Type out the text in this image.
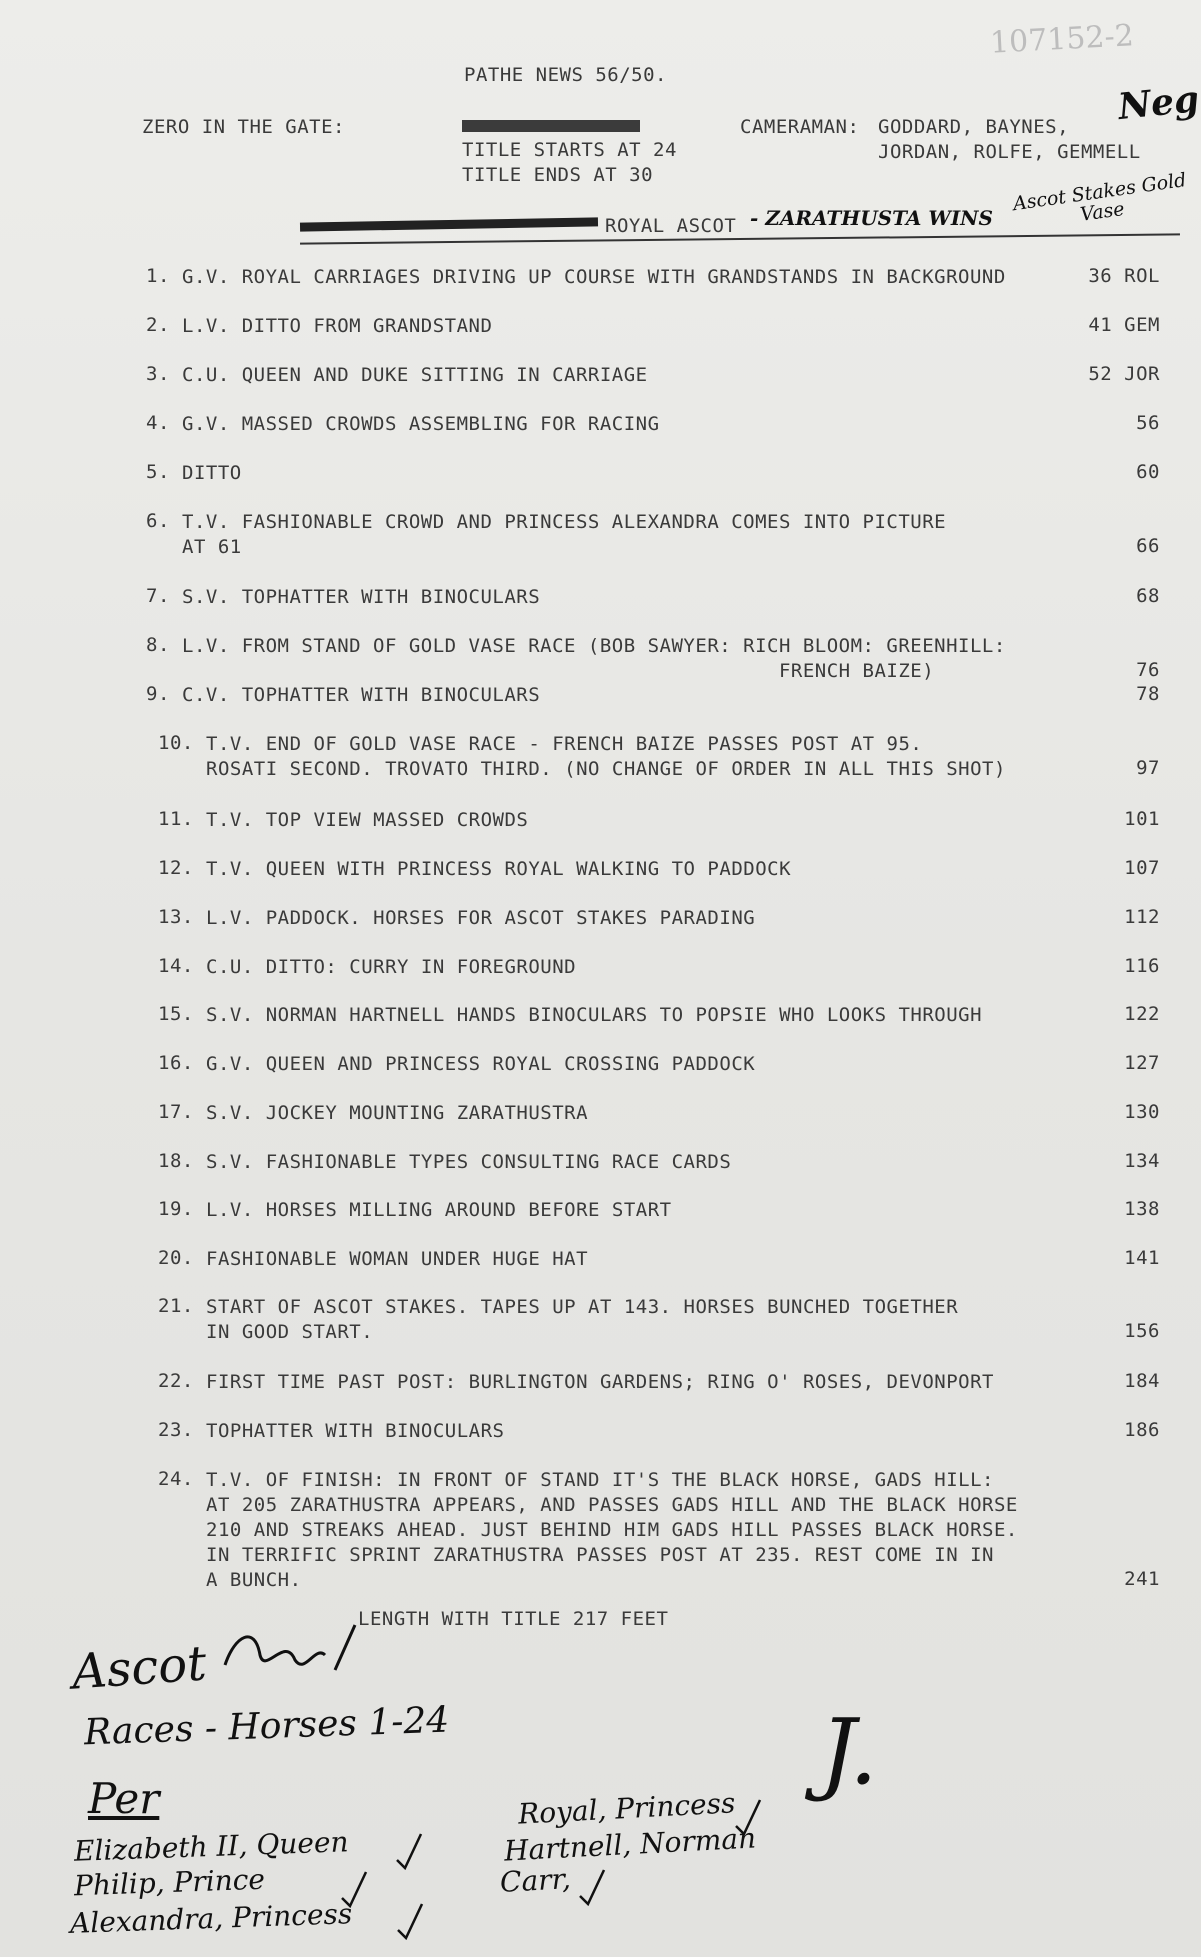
107152-2
Neg
PATHE NEWS 56/50.
ZERO IN THE GATE:
TITLE STARTS AT 24
TITLE ENDS AT 30
CAMERAMAN: GODDARD, BAYNES,
JORDAN, ROLFE, GEMMELL
ROYAL ASCOT - ZARATHUSTA WINS
Ascot Stakes Gold Vase
1. G.V. ROYAL CARRIAGES DRIVING UP COURSE WITH GRANDSTANDS IN BACKGROUND	36 ROL
2. L.V. DITTO FROM GRANDSTAND	41 GEM
3. C.U. QUEEN AND DUKE SITTING IN CARRIAGE	52 JOR
4. G.V. MASSED CROWDS ASSEMBLING FOR RACING	56
5. DITTO	60
6. T.V. FASHIONABLE CROWD AND PRINCESS ALEXANDRA COMES INTO PICTURE
AT 61	66
7. S.V. TOPHATTER WITH BINOCULARS	68
8. L.V. FROM STAND OF GOLD VASE RACE (BOB SAWYER: RICH BLOOM: GREENHILL:
FRENCH BAIZE)	76
9. C.V. TOPHATTER WITH BINOCULARS	78
10. T.V. END OF GOLD VASE RACE - FRENCH BAIZE PASSES POST AT 95.
ROSATI SECOND. TROVATO THIRD. (NO CHANGE OF ORDER IN ALL THIS SHOT)	97
11. T.V. TOP VIEW MASSED CROWDS	101
12. T.V. QUEEN WITH PRINCESS ROYAL WALKING TO PADDOCK	107
13. L.V. PADDOCK. HORSES FOR ASCOT STAKES PARADING	112
14. C.U. DITTO: CURRY IN FOREGROUND	116
15. S.V. NORMAN HARTNELL HANDS BINOCULARS TO POPSIE WHO LOOKS THROUGH	122
16. G.V. QUEEN AND PRINCESS ROYAL CROSSING PADDOCK	127
17. S.V. JOCKEY MOUNTING ZARATHUSTRA	130
18. S.V. FASHIONABLE TYPES CONSULTING RACE CARDS	134
19. L.V. HORSES MILLING AROUND BEFORE START	138
20. FASHIONABLE WOMAN UNDER HUGE HAT	141
21. START OF ASCOT STAKES. TAPES UP AT 143. HORSES BUNCHED TOGETHER
IN GOOD START.	156
22. FIRST TIME PAST POST: BURLINGTON GARDENS; RING O' ROSES, DEVONPORT	184
23. TOPHATTER WITH BINOCULARS	186
24. T.V. OF FINISH: IN FRONT OF STAND IT'S THE BLACK HORSE, GADS HILL:
AT 205 ZARATHUSTRA APPEARS, AND PASSES GADS HILL AND THE BLACK HORSE
210 AND STREAKS AHEAD. JUST BEHIND HIM GADS HILL PASSES BLACK HORSE.
IN TERRIFIC SPRINT ZARATHUSTRA PASSES POST AT 235. REST COME IN IN
A BUNCH.	241
LENGTH WITH TITLE 217 FEET
Ascot
Races - Horses 1-24
Per
Elizabeth II, Queen
Philip, Prince
Alexandra, Princess
Royal, Princess
Hartnell, Norman
Carr,
J.
